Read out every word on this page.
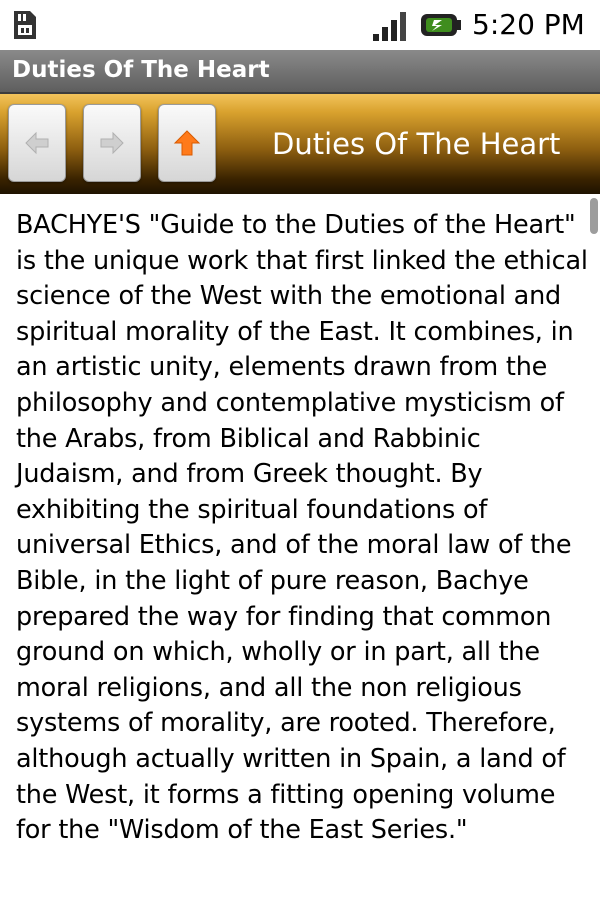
5:20 PM
Duties Of The Heart
Duties Of The Heart

BACHYE'S "Guide to the Duties of the Heart" is the unique work that first linked the ethical science of the West with the emotional and spiritual morality of the East. It combines, in an artistic unity, elements drawn from the philosophy and contemplative mysticism of the Arabs, from Biblical and Rabbinic Judaism, and from Greek thought. By exhibiting the spiritual foundations of universal Ethics, and of the moral law of the Bible, in the light of pure reason, Bachye prepared the way for finding that common ground on which, wholly or in part, all the moral religions, and all the non religious systems of morality, are rooted. Therefore, although actually written in Spain, a land of the West, it forms a fitting opening volume for the "Wisdom of the East Series."
